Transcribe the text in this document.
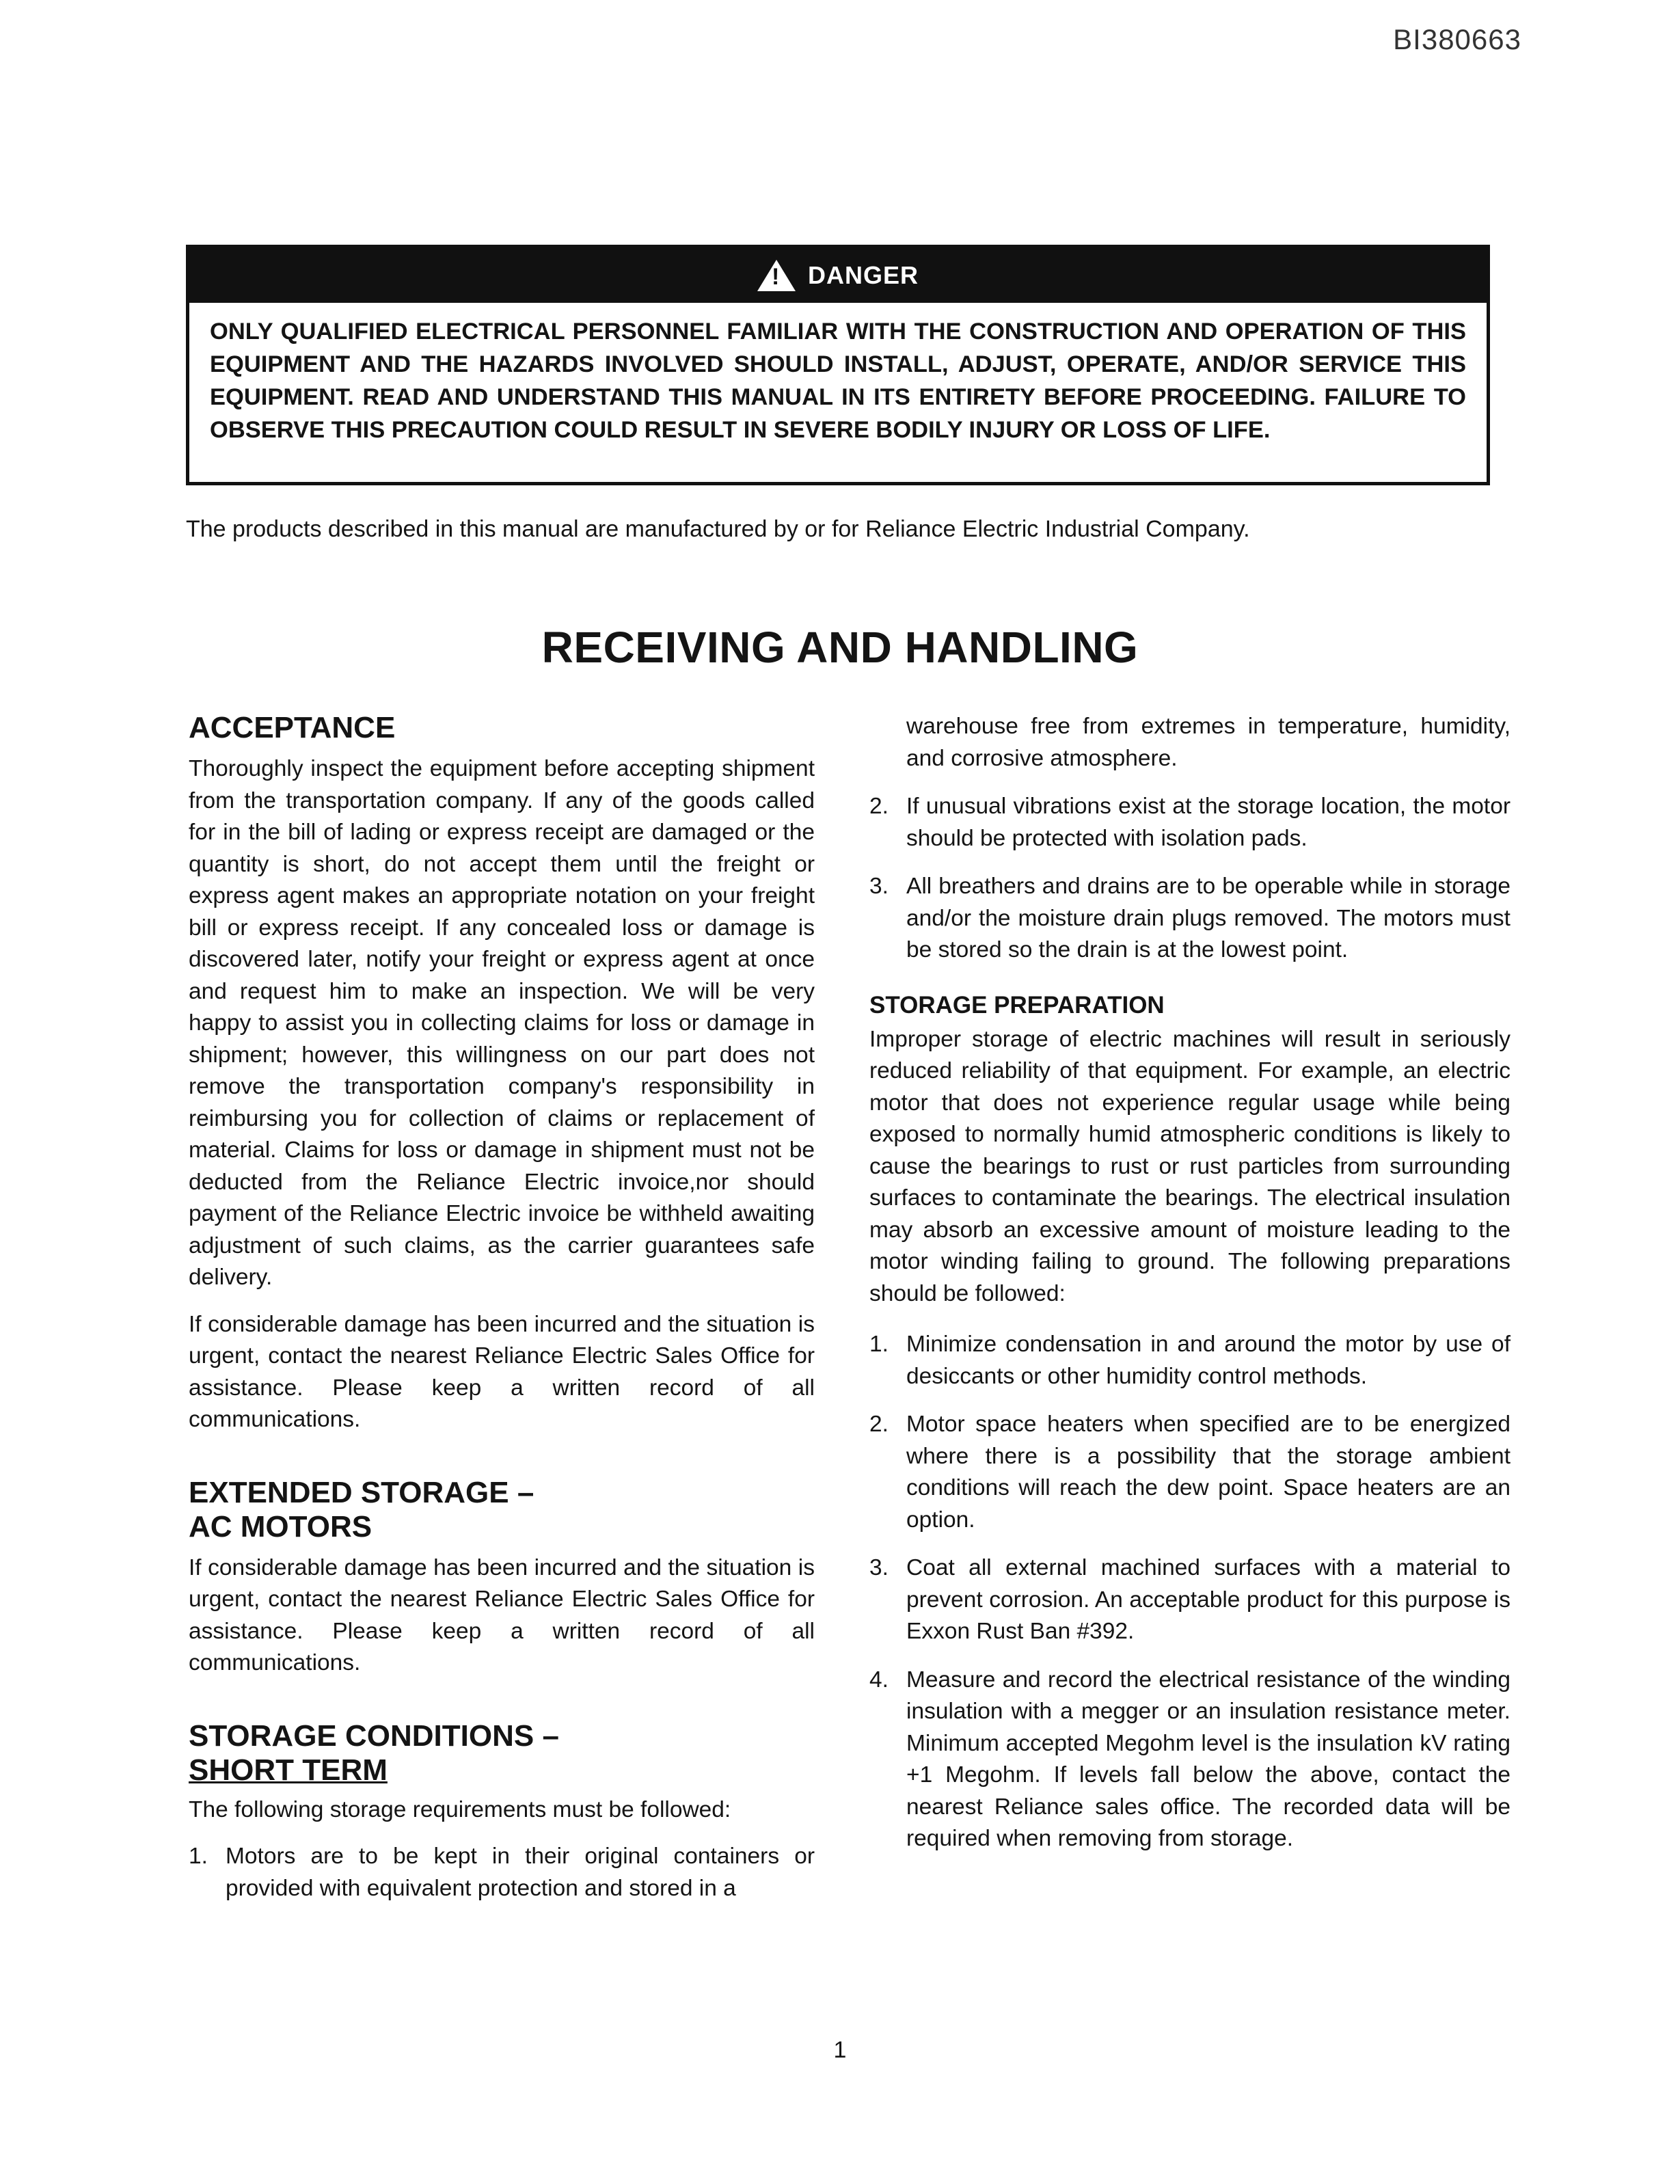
BI380663
!
DANGER
ONLY QUALIFIED ELECTRICAL PERSONNEL FAMILIAR WITH THE CONSTRUCTION AND OPERATION OF THIS EQUIPMENT AND THE HAZARDS INVOLVED SHOULD INSTALL, ADJUST, OPERATE, AND/OR SERVICE THIS EQUIPMENT. READ AND UNDERSTAND THIS MANUAL IN ITS ENTIRETY BEFORE PROCEEDING. FAILURE TO OBSERVE THIS PRECAUTION COULD RESULT IN SEVERE BODILY INJURY OR LOSS OF LIFE.
The products described in this manual are manufactured by or for Reliance Electric Industrial Company.
RECEIVING AND HANDLING
ACCEPTANCE

Thoroughly inspect the equipment before accepting shipment from the transportation company. If any of the goods called for in the bill of lading or express receipt are damaged or the quantity is short, do not accept them until the freight or express agent makes an appropriate notation on your freight bill or express receipt. If any concealed loss or damage is discovered later, notify your freight or express agent at once and request him to make an inspection. We will be very happy to assist you in collecting claims for loss or damage in shipment; however, this willingness on our part does not remove the transportation company's responsibility in reimbursing you for collection of claims or replacement of material. Claims for loss or damage in shipment must not be deducted from the Reliance Electric invoice,nor should payment of the Reliance Electric invoice be withheld awaiting adjustment of such claims, as the carrier guarantees safe delivery.

If considerable damage has been incurred and the situation is urgent, contact the nearest Reliance Electric Sales Office for assistance. Please keep a written record of all communications.

EXTENDED STORAGE –
AC MOTORS

If considerable damage has been incurred and the situation is urgent, contact the nearest Reliance Electric Sales Office for assistance. Please keep a written record of all communications.

STORAGE CONDITIONS –
SHORT TERM

The following storage requirements must be followed:

1. Motors are to be kept in their original containers or provided with equivalent protection and stored in a
warehouse free from extremes in temperature, humidity, and corrosive atmosphere.
2. If unusual vibrations exist at the storage location, the motor should be protected with isolation pads.
3. All breathers and drains are to be operable while in storage and/or the moisture drain plugs removed. The motors must be stored so the drain is at the lowest point.
STORAGE PREPARATION

Improper storage of electric machines will result in seriously reduced reliability of that equipment. For example, an electric motor that does not experience regular usage while being exposed to normally humid atmospheric conditions is likely to cause the bearings to rust or rust particles from surrounding surfaces to contaminate the bearings. The electrical insulation may absorb an excessive amount of moisture leading to the motor winding failing to ground. The following preparations should be followed:

1. Minimize condensation in and around the motor by use of desiccants or other humidity control methods.
2. Motor space heaters when specified are to be energized where there is a possibility that the storage ambient conditions will reach the dew point. Space heaters are an option.
3. Coat all external machined surfaces with a material to prevent corrosion. An acceptable product for this purpose is Exxon Rust Ban #392.
4. Measure and record the electrical resistance of the winding insulation with a megger or an insulation resistance meter. Minimum accepted Megohm level is the insulation kV rating +1 Megohm. If levels fall below the above, contact the nearest Reliance sales office. The recorded data will be required when removing from storage.
1
